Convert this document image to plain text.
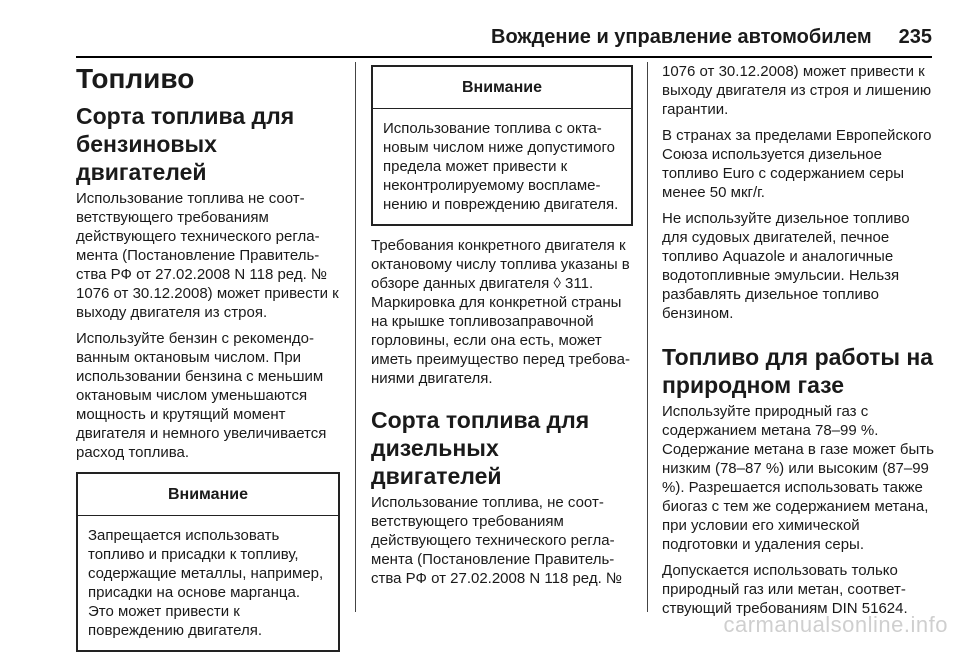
Вождение и управление автомобилем 235
Топливо
Сорта топлива для бензиновых двигателей

Использование топлива не соответствующего требованиям действующего технического регламента (Постановление Правительства РФ от 27.02.2008 N 118 ред. № 1076 от 30.12.2008) может привести к выходу двигателя из строя.

Используйте бензин с рекомендованным октановым числом. При использовании бензина с меньшим октановым числом уменьшаются мощность и крутящий момент двигателя и немного увеличивается расход топлива.

Внимание
Запрещается использовать топливо и присадки к топливу, содержащие металлы, например, присадки на основе марганца. Это может привести к повреждению двигателя.
Внимание
Использование топлива с октановым числом ниже допустимого предела может привести к неконтролируемому воспламенению и повреждению двигателя.

Требования конкретного двигателя к октановому числу топлива указаны в обзоре данных двигателя ◊ 311. Маркировка для конкретной страны на крышке топливозаправочной горловины, если она есть, может иметь преимущество перед требованиями двигателя.

Сорта топлива для дизельных двигателей

Использование топлива, не соответствующего требованиям действующего технического регламента (Постановление Правительства РФ от 27.02.2008 N 118 ред. №

1076 от 30.12.2008) может привести к выходу двигателя из строя и лишению гарантии.

В странах за пределами Европейского Союза используется дизельное топливо Euro с содержанием серы менее 50 мкг/г.

Не используйте дизельное топливо для судовых двигателей, печное топливо Aquazole и аналогичные водотопливные эмульсии. Нельзя разбавлять дизельное топливо бензином.

Топливо для работы на природном газе

Используйте природный газ с содержанием метана 78–99 %. Содержание метана в газе может быть низким (78–87 %) или высоким (87–99 %). Разрешается использовать также биогаз с тем же содержанием метана, при условии его химической подготовки и удаления серы.

Допускается использовать только природный газ или метан, соответствующий требованиям DIN 51624.

carmanualsonline.info
